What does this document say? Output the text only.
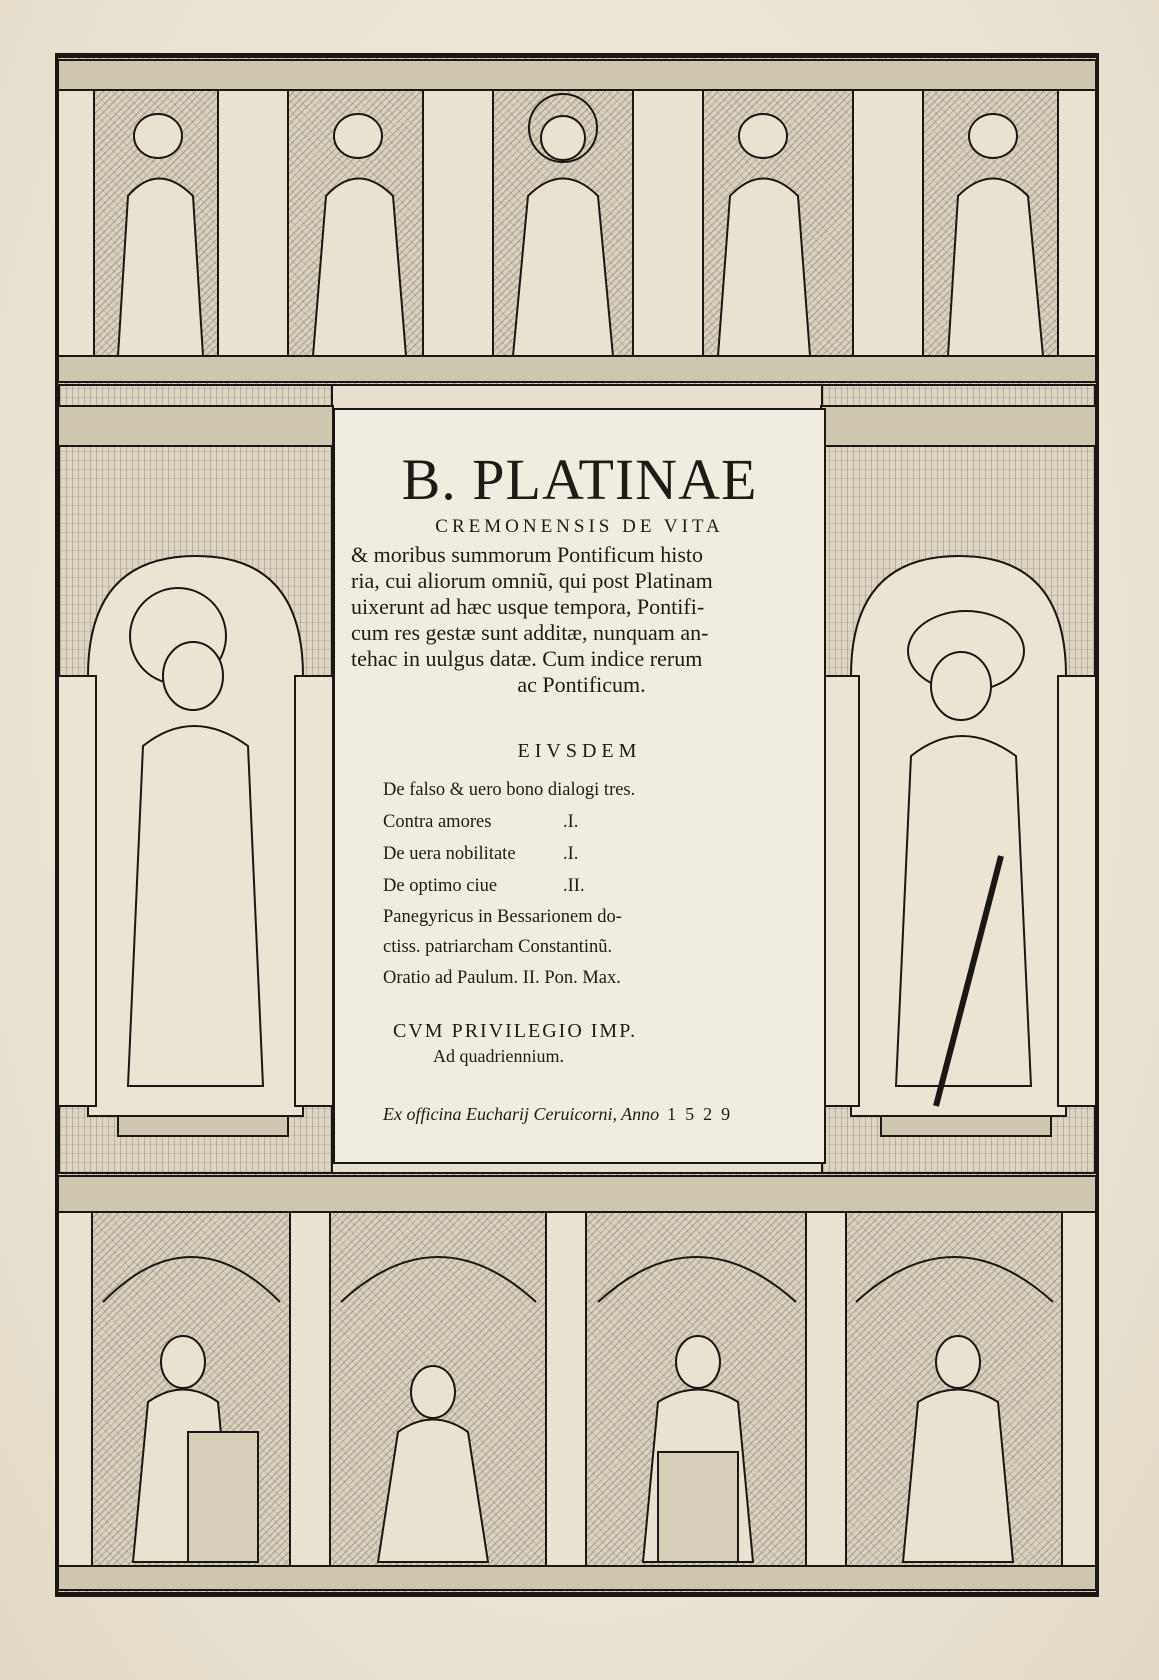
B. PLATINAE
CREMONENSIS DE VITA
& moribus summorum Pontificum histo
ria, cui aliorum omniũ, qui post Platinam
uixerunt ad hæc usque tempora, Pontifi-
cum res gestæ sunt additæ, nunquam an-
tehac in uulgus datæ. Cum indice rerum
ac Pontificum.
EIVSDEM
De falso & uero bono dialogi tres.
Contra amores	.I.
De uera nobilitate	.I.
De optimo ciue	.II.
Panegyricus in Bessarionem do-
ctiss. patriarcham Constantinũ.
Oratio ad Paulum. II. Pon. Max.
CVM PRIVILEGIO IMP.
Ad quadriennium.
Ex officina Eucharij Ceruicorni, Anno 1529
